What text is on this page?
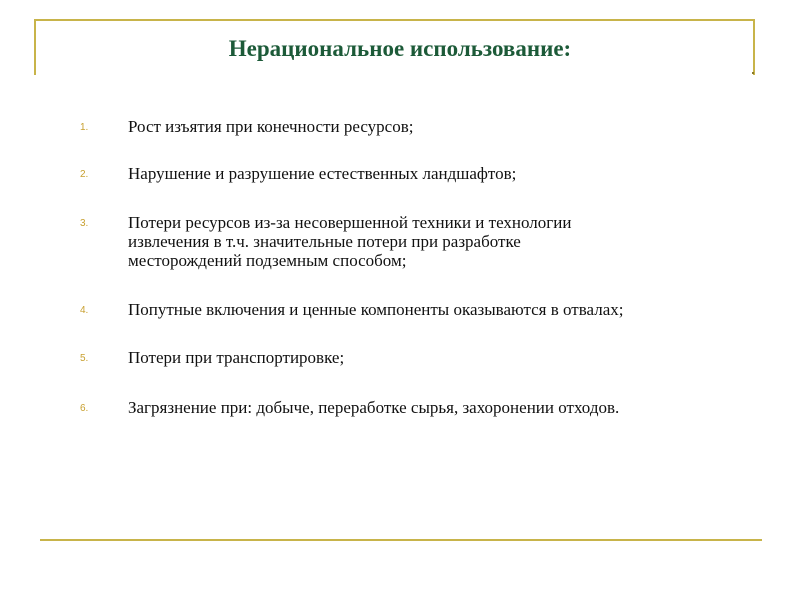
Нерациональное использование:
1. Рост изъятия при конечности ресурсов;
2. Нарушение и разрушение естественных ландшафтов;
3. Потери ресурсов из-за несовершенной техники и технологии
извлечения в т.ч. значительные потери при разработке
месторождений подземным способом;
4. Попутные включения и ценные компоненты оказываются в отвалах;
5. Потери при транспортировке;
6. Загрязнение при: добыче, переработке сырья, захоронении отходов.
